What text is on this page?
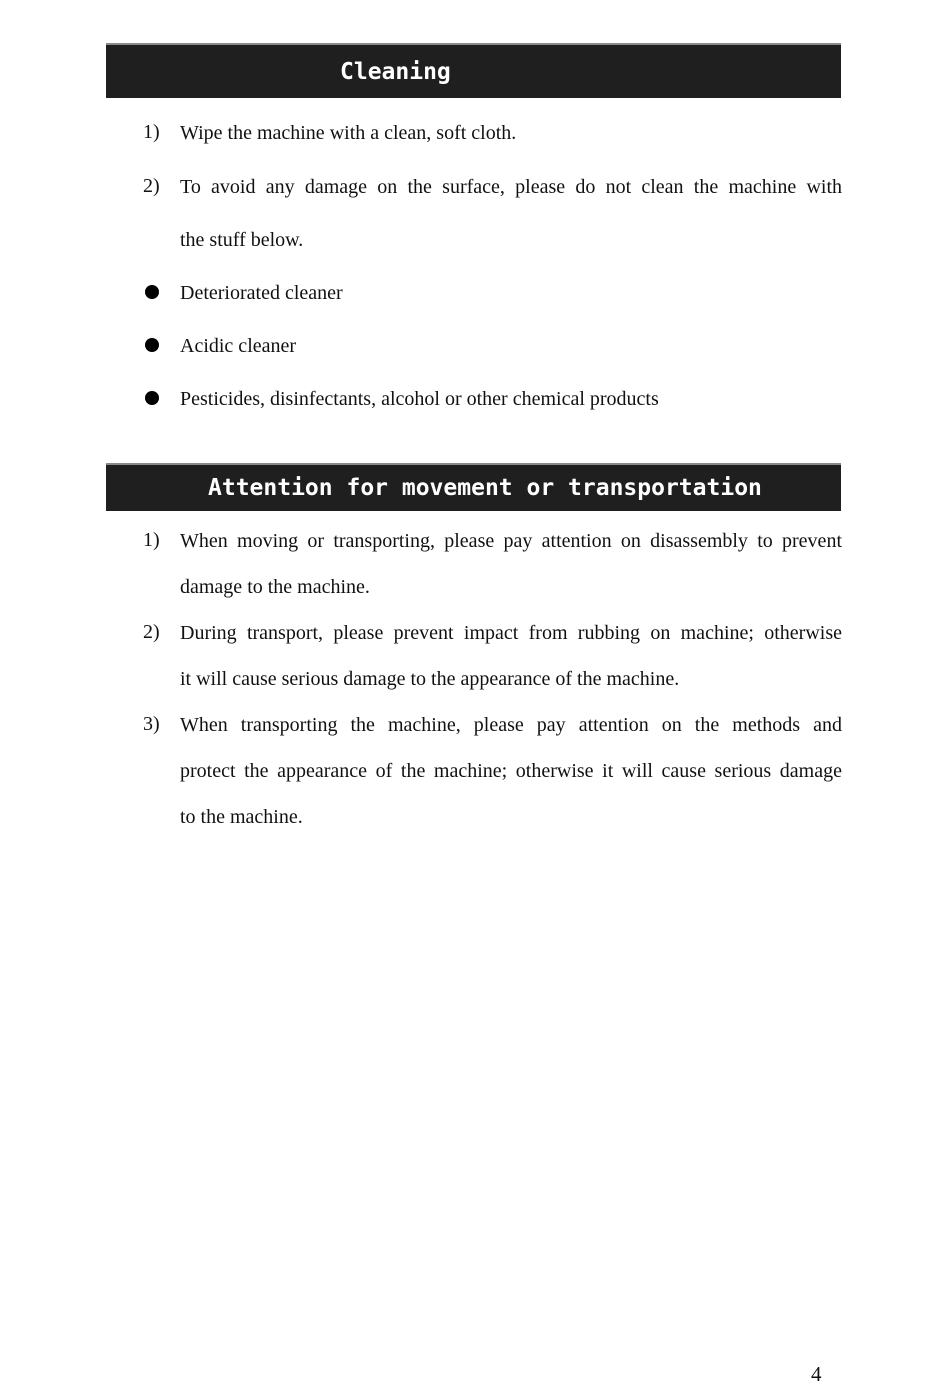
Cleaning
1) Wipe the machine with a clean, soft cloth.
2) To avoid any damage on the surface, please do not clean the machine with
the stuff below.
Deteriorated cleaner
Acidic cleaner
Pesticides, disinfectants, alcohol or other chemical products
Attention for movement or transportation
1) When moving or transporting, please pay attention on disassembly to prevent
damage to the machine.
2) During transport, please prevent impact from rubbing on machine; otherwise
it will cause serious damage to the appearance of the machine.
3) When transporting the machine, please pay attention on the methods and
protect the appearance of the machine; otherwise it will cause serious damage
to the machine.
4
